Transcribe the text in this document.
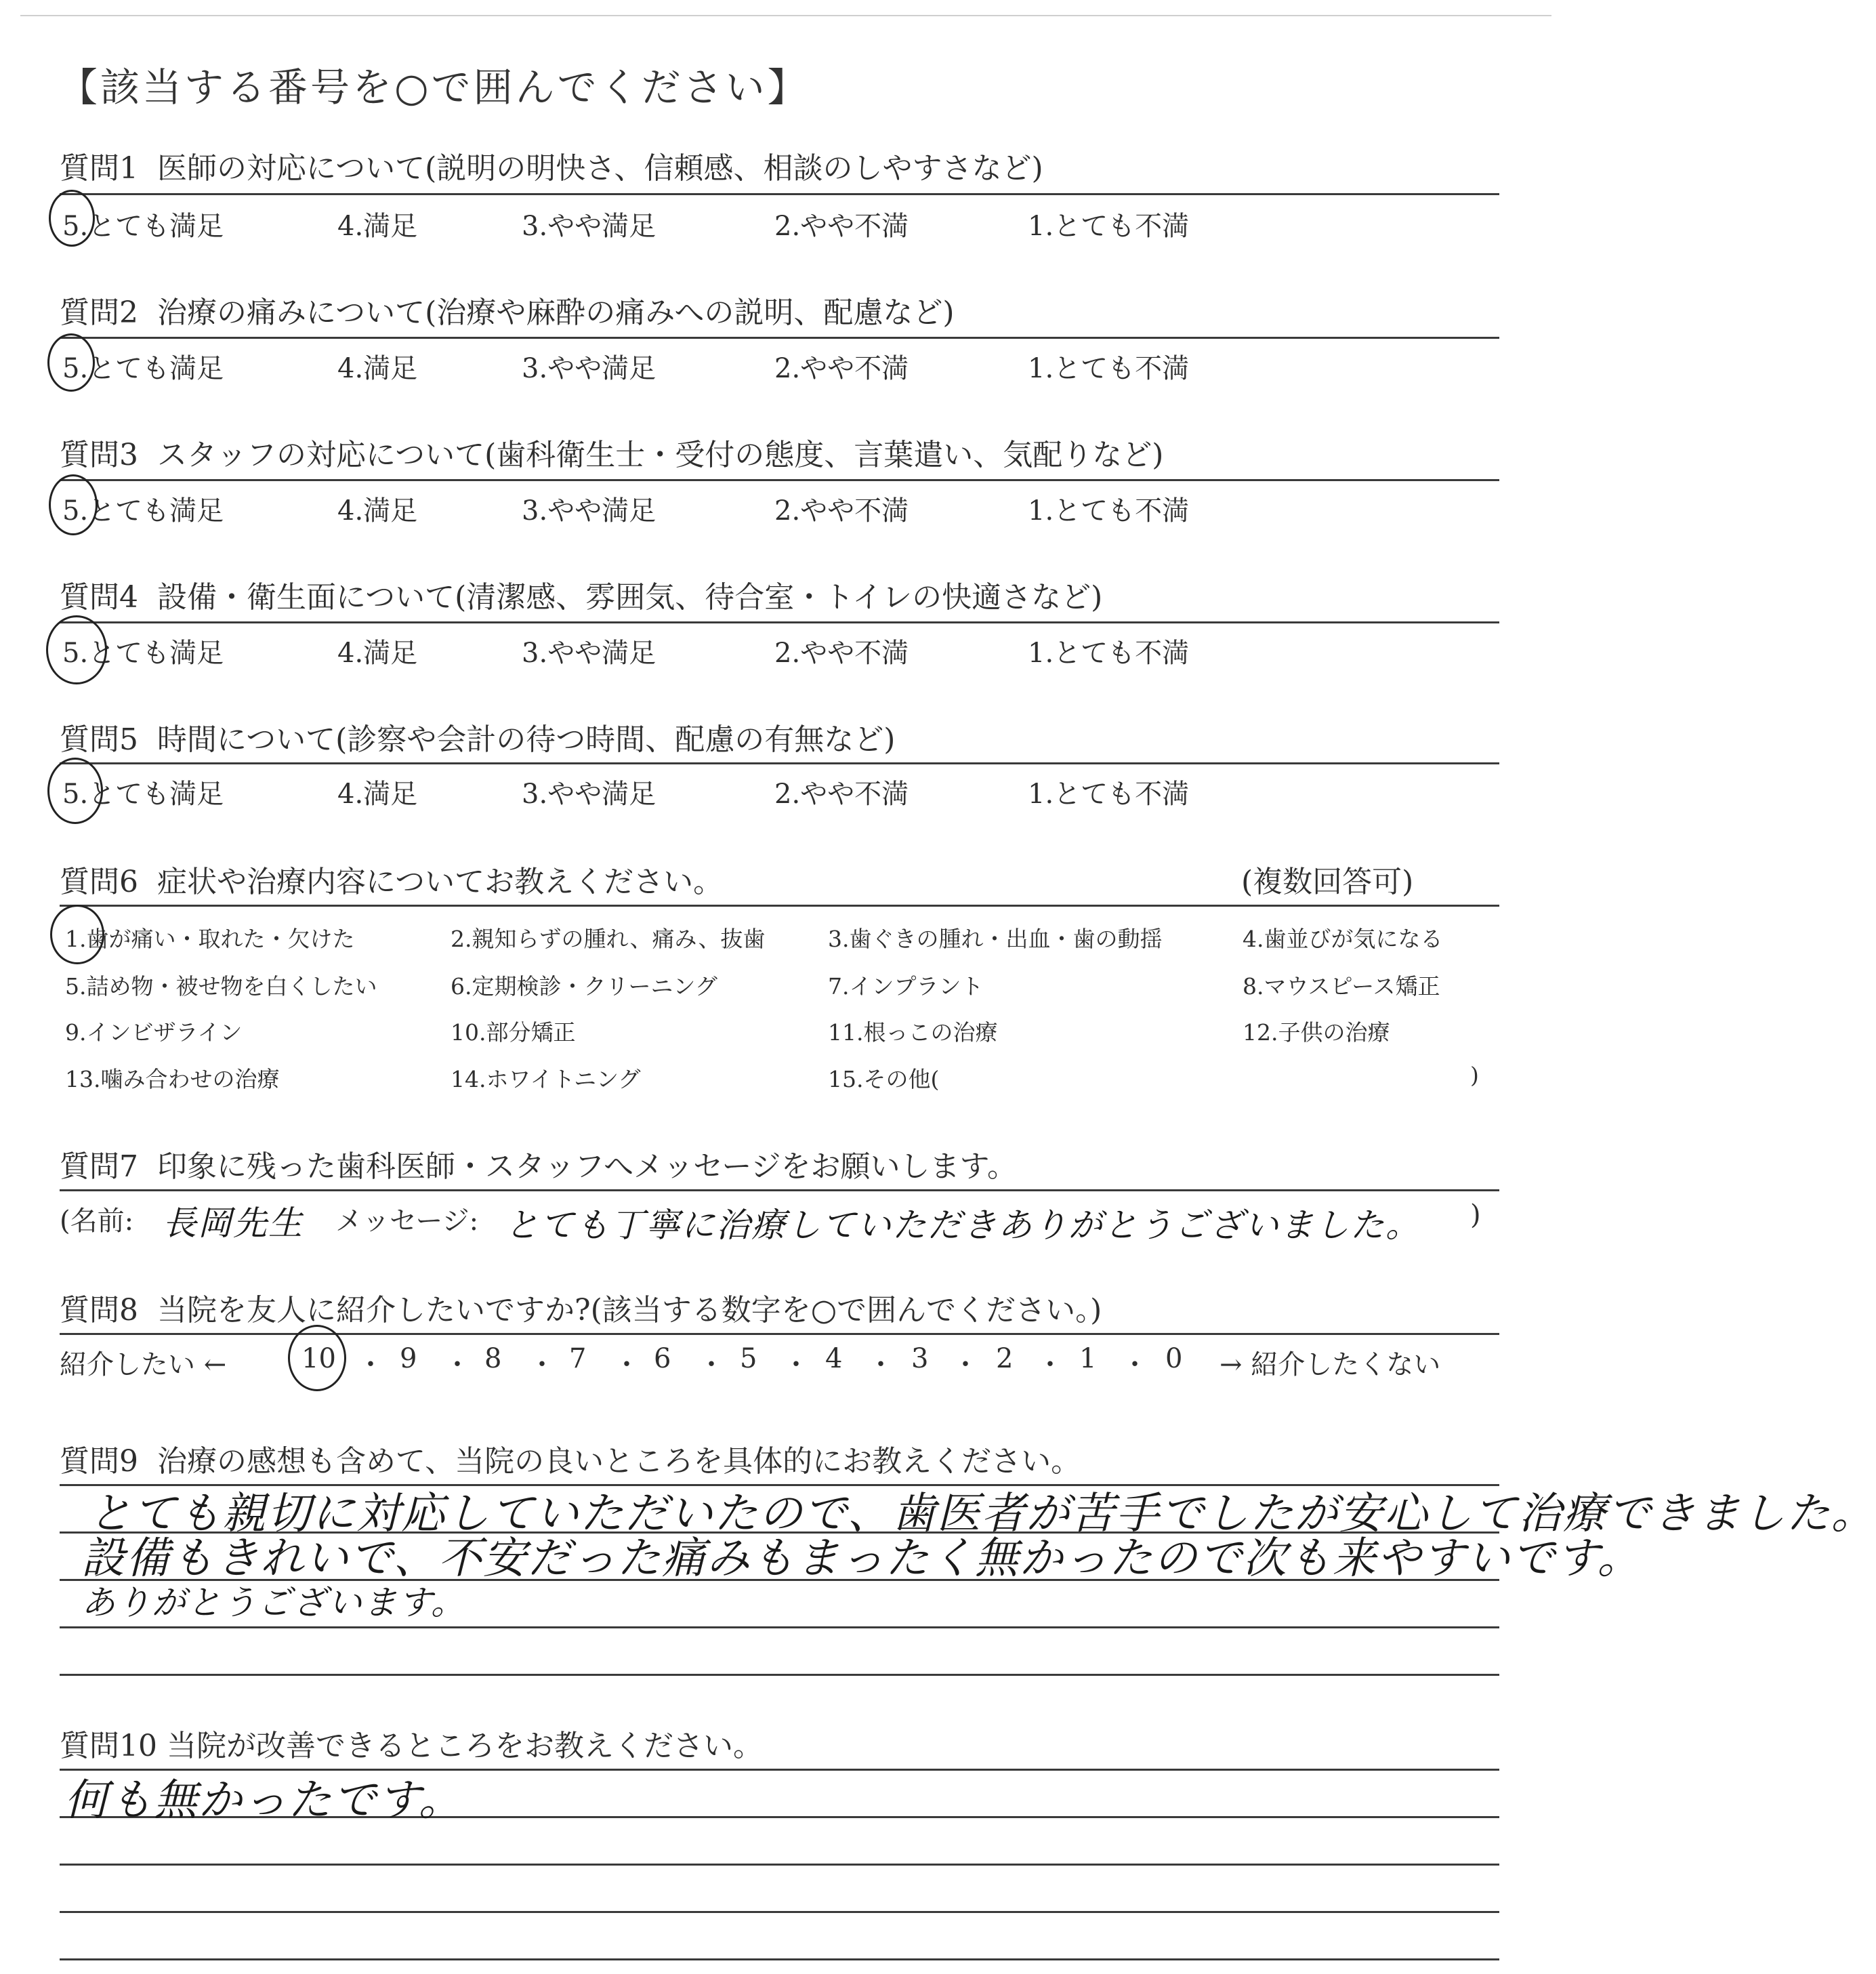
【該当する番号を○で囲んでください】
質問1 医師の対応について(説明の明快さ、信頼感、相談のしやすさなど)
5.とても満足	4.満足	3.やや満足	2.やや不満	1.とても不満
質問2 治療の痛みについて(治療や麻酔の痛みへの説明、配慮など)
5.とても満足	4.満足	3.やや満足	2.やや不満	1.とても不満
質問3 スタッフの対応について(歯科衛生士・受付の態度、言葉遣い、気配りなど)
5.とても満足	4.満足	3.やや満足	2.やや不満	1.とても不満
質問4 設備・衛生面について(清潔感、雰囲気、待合室・トイレの快適さなど)
5.とても満足	4.満足	3.やや満足	2.やや不満	1.とても不満
質問5 時間について(診察や会計の待つ時間、配慮の有無など)
5.とても満足	4.満足	3.やや満足	2.やや不満	1.とても不満
質問6 症状や治療内容についてお教えください。	(複数回答可)
1.歯が痛い・取れた・欠けた	2.親知らずの腫れ、痛み、抜歯	3.歯ぐきの腫れ・出血・歯の動揺	4.歯並びが気になる
5.詰め物・被せ物を白くしたい	6.定期検診・クリーニング	7.インプラント	8.マウスピース矯正
9.インビザライン	10.部分矯正	11.根っこの治療	12.子供の治療
13.噛み合わせの治療	14.ホワイトニング	15.その他(	)
質問7 印象に残った歯科医師・スタッフへメッセージをお願いします。
(名前: 長岡先生 メッセージ: とても丁寧に治療していただきありがとうございました。 )
質問8 当院を友人に紹介したいですか?(該当する数字を○で囲んでください。)
紹介したい ←	10 ・ 9 ・ 8 ・ 7 ・ 6 ・ 5 ・ 4 ・ 3 ・ 2 ・ 1 ・ 0 → 紹介したくない
質問9 治療の感想も含めて、当院の良いところを具体的にお教えください。
とても親切に対応していただいたので、歯医者が苦手でしたが安心して治療できました。
設備もきれいで、不安だった痛みもまったく無かったので次も来やすいです。
ありがとうございます。
質問10 当院が改善できるところをお教えください。
何も無かったです。
